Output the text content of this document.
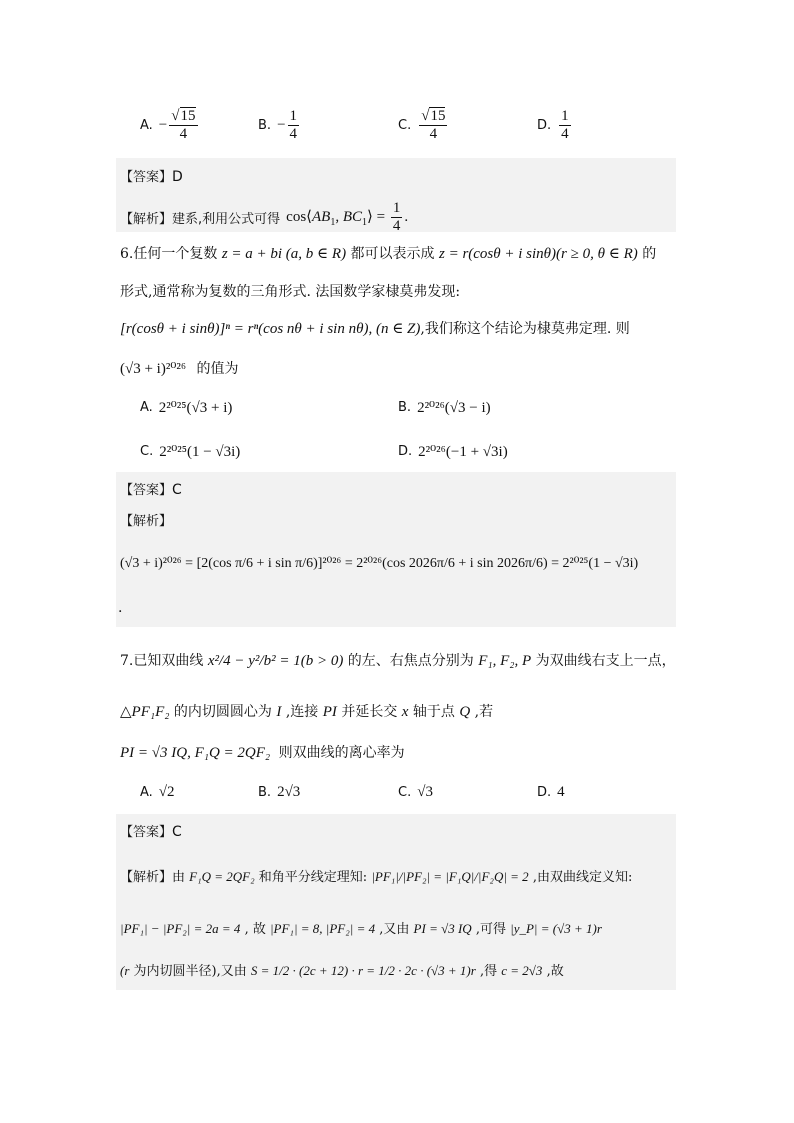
A. − $\frac{√15}{4}$	B. − $\frac{1}{4}$	C. $\frac{√15}{4}$	D. $\frac{1}{4}$
【答案】D
【解析】 建系,利用公式可得 $\cos⟨AB_1$, $BC_1⟩ = \frac{1}{4}$ .
6.任何一个复数 z = a + bi (a, b ∈ R) 都可以表示成 z = r(cosθ + i sinθ)(r ≥ 0, θ ∈ R) 的
形式,通常称为复数的三角形式. 法国数学家棣莫弗发现:
[r(cosθ + i sinθ)]ⁿ = rⁿ(cos nθ + i sin nθ), (n ∈ Z),我们称这个结论为棣莫弗定理. 则
(√3 + i)²⁰²⁶ 的值为
A. 2²⁰²⁵(√3 + i)	B. 2²⁰²⁶(√3 − i)
C. 2²⁰²⁵(1 − √3i)	D. 2²⁰²⁶(−1 + √3i)
【答案】C
【解析】
(√3 + i)²⁰²⁶ = [2(cos π/6 + i sin π/6)]²⁰²⁶ = 2²⁰²⁶(cos 2026π/6 + i sin 2026π/6) = 2²⁰²⁵(1 − √3i)
.
7.已知双曲线 x²/4 − y²/b² = 1(b > 0) 的左、右焦点分别为 F₁, F₂, P 为双曲线右支上一点，
△PF₁F₂ 的内切圆圆心为 I ,连接 PI 并延长交 x 轴于点 Q ,若
PI = √3 IQ, F₁Q = 2QF₂ 则双曲线的离心率为
A. √2	B. 2√3	C. √3	D. 4
【答案】C
【解析】由 F₁Q = 2QF₂ 和角平分线定理知: |PF₁|/|PF₂| = |F₁Q|/|F₂Q| = 2 ,由双曲线定义知:
|PF₁| − |PF₂| = 2a = 4 , 故 |PF₁| = 8, |PF₂| = 4 ,又由 PI = √3 IQ ,可得 |y_P| = (√3 + 1)r
(r 为内切圆半径),又由 S = 1/2 · (2c + 12) · r = 1/2 · 2c · (√3 + 1)r ,得 c = 2√3 ,故
